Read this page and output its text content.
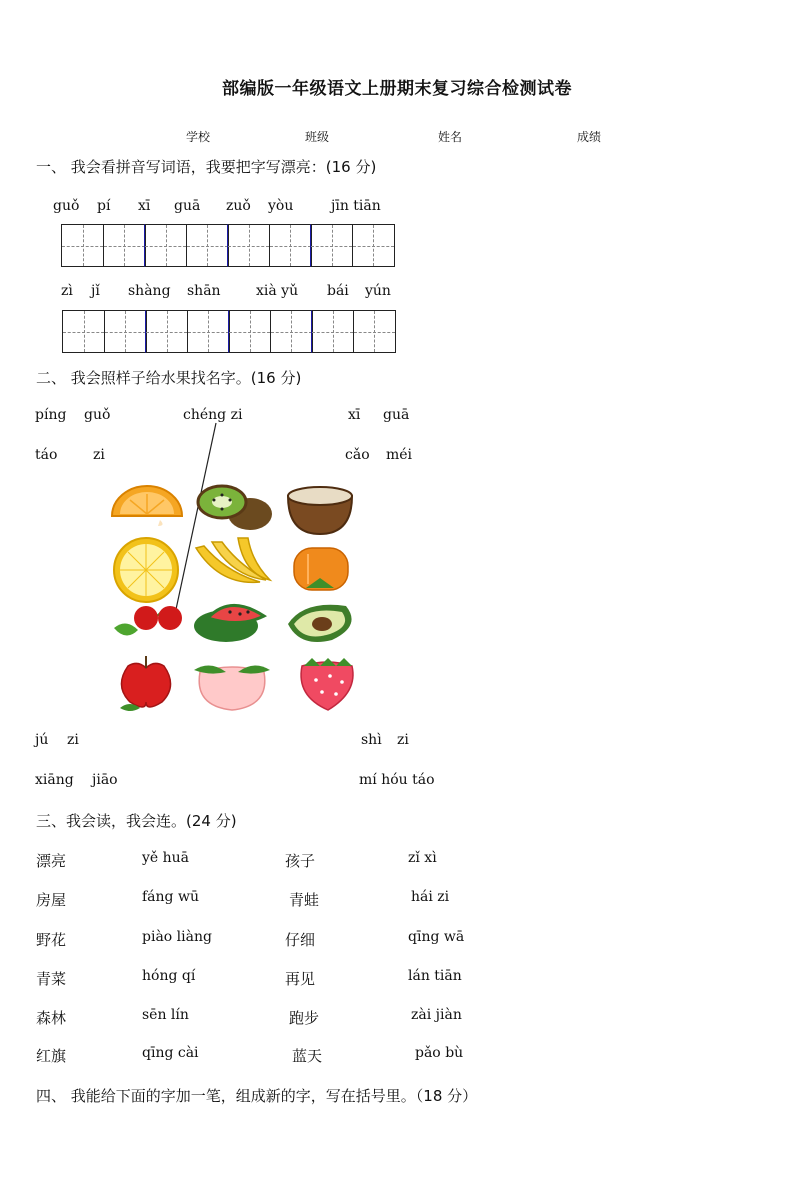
部编版一年级语文上册期末复习综合检测试卷
学校	班级	姓名	成绩
一、 我会看拼音写词语，我要把字写漂亮：(16 分)
guǒ pí xī guā zuǒ yòu	jīn tiān
zì jǐ shàng shān	xià yǔ bái yún
二、 我会照样子给水果找名字。(16 分)
píng guǒ	chéng zi	xī guā
táo	zi	cǎo méi
jú zi	shì zi
xiāng jiāo	mí hóu táo
三、我会读，我会连。(24 分)
漂亮	yě huā	孩子	zǐ xì
房屋	fáng wū	青蛙	hái zi
野花	piào liàng	仔细	qīng wā
青菜	hóng qí	再见	lán tiān
森林	sēn lín	跑步	zài jiàn
红旗	qīng cài	蓝天	pǎo bù
四、 我能给下面的字加一笔，组成新的字，写在括号里。（18 分）
